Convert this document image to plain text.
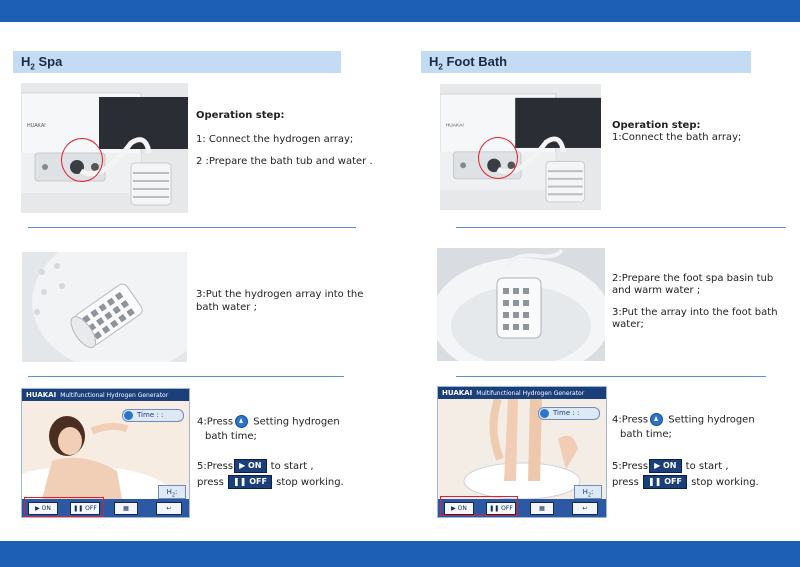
$H_2$ Spa
HUAKAI
Operation step:
1: Connect the hydrogen array;
2 :Prepare the bath tub and water .
3:Put the hydrogen array into the
bath water ;
HUAKAI Multifunctional Hydrogen Generator
Time : :
$H_2$:
▶ ON	❚❚ OFF	▦	↩
4:Press Setting hydrogen
bath time;
5:Press ▶ ON to start ,
press ❚❚ OFF stop working.
$H_2$ Foot Bath
HUAKAI	Operation step:
1:Connect the bath array;
2:Prepare the foot spa basin tub
and warm water ;
3:Put the array into the foot bath
water;
HUAKAI Multifunctional Hydrogen Generator
Time : :
$H_2$:
▶ ON	❚❚ OFF	▦	↩
4:Press Setting hydrogen
bath time;
5:Press ▶ ON to start ,
press ❚❚ OFF stop working.
